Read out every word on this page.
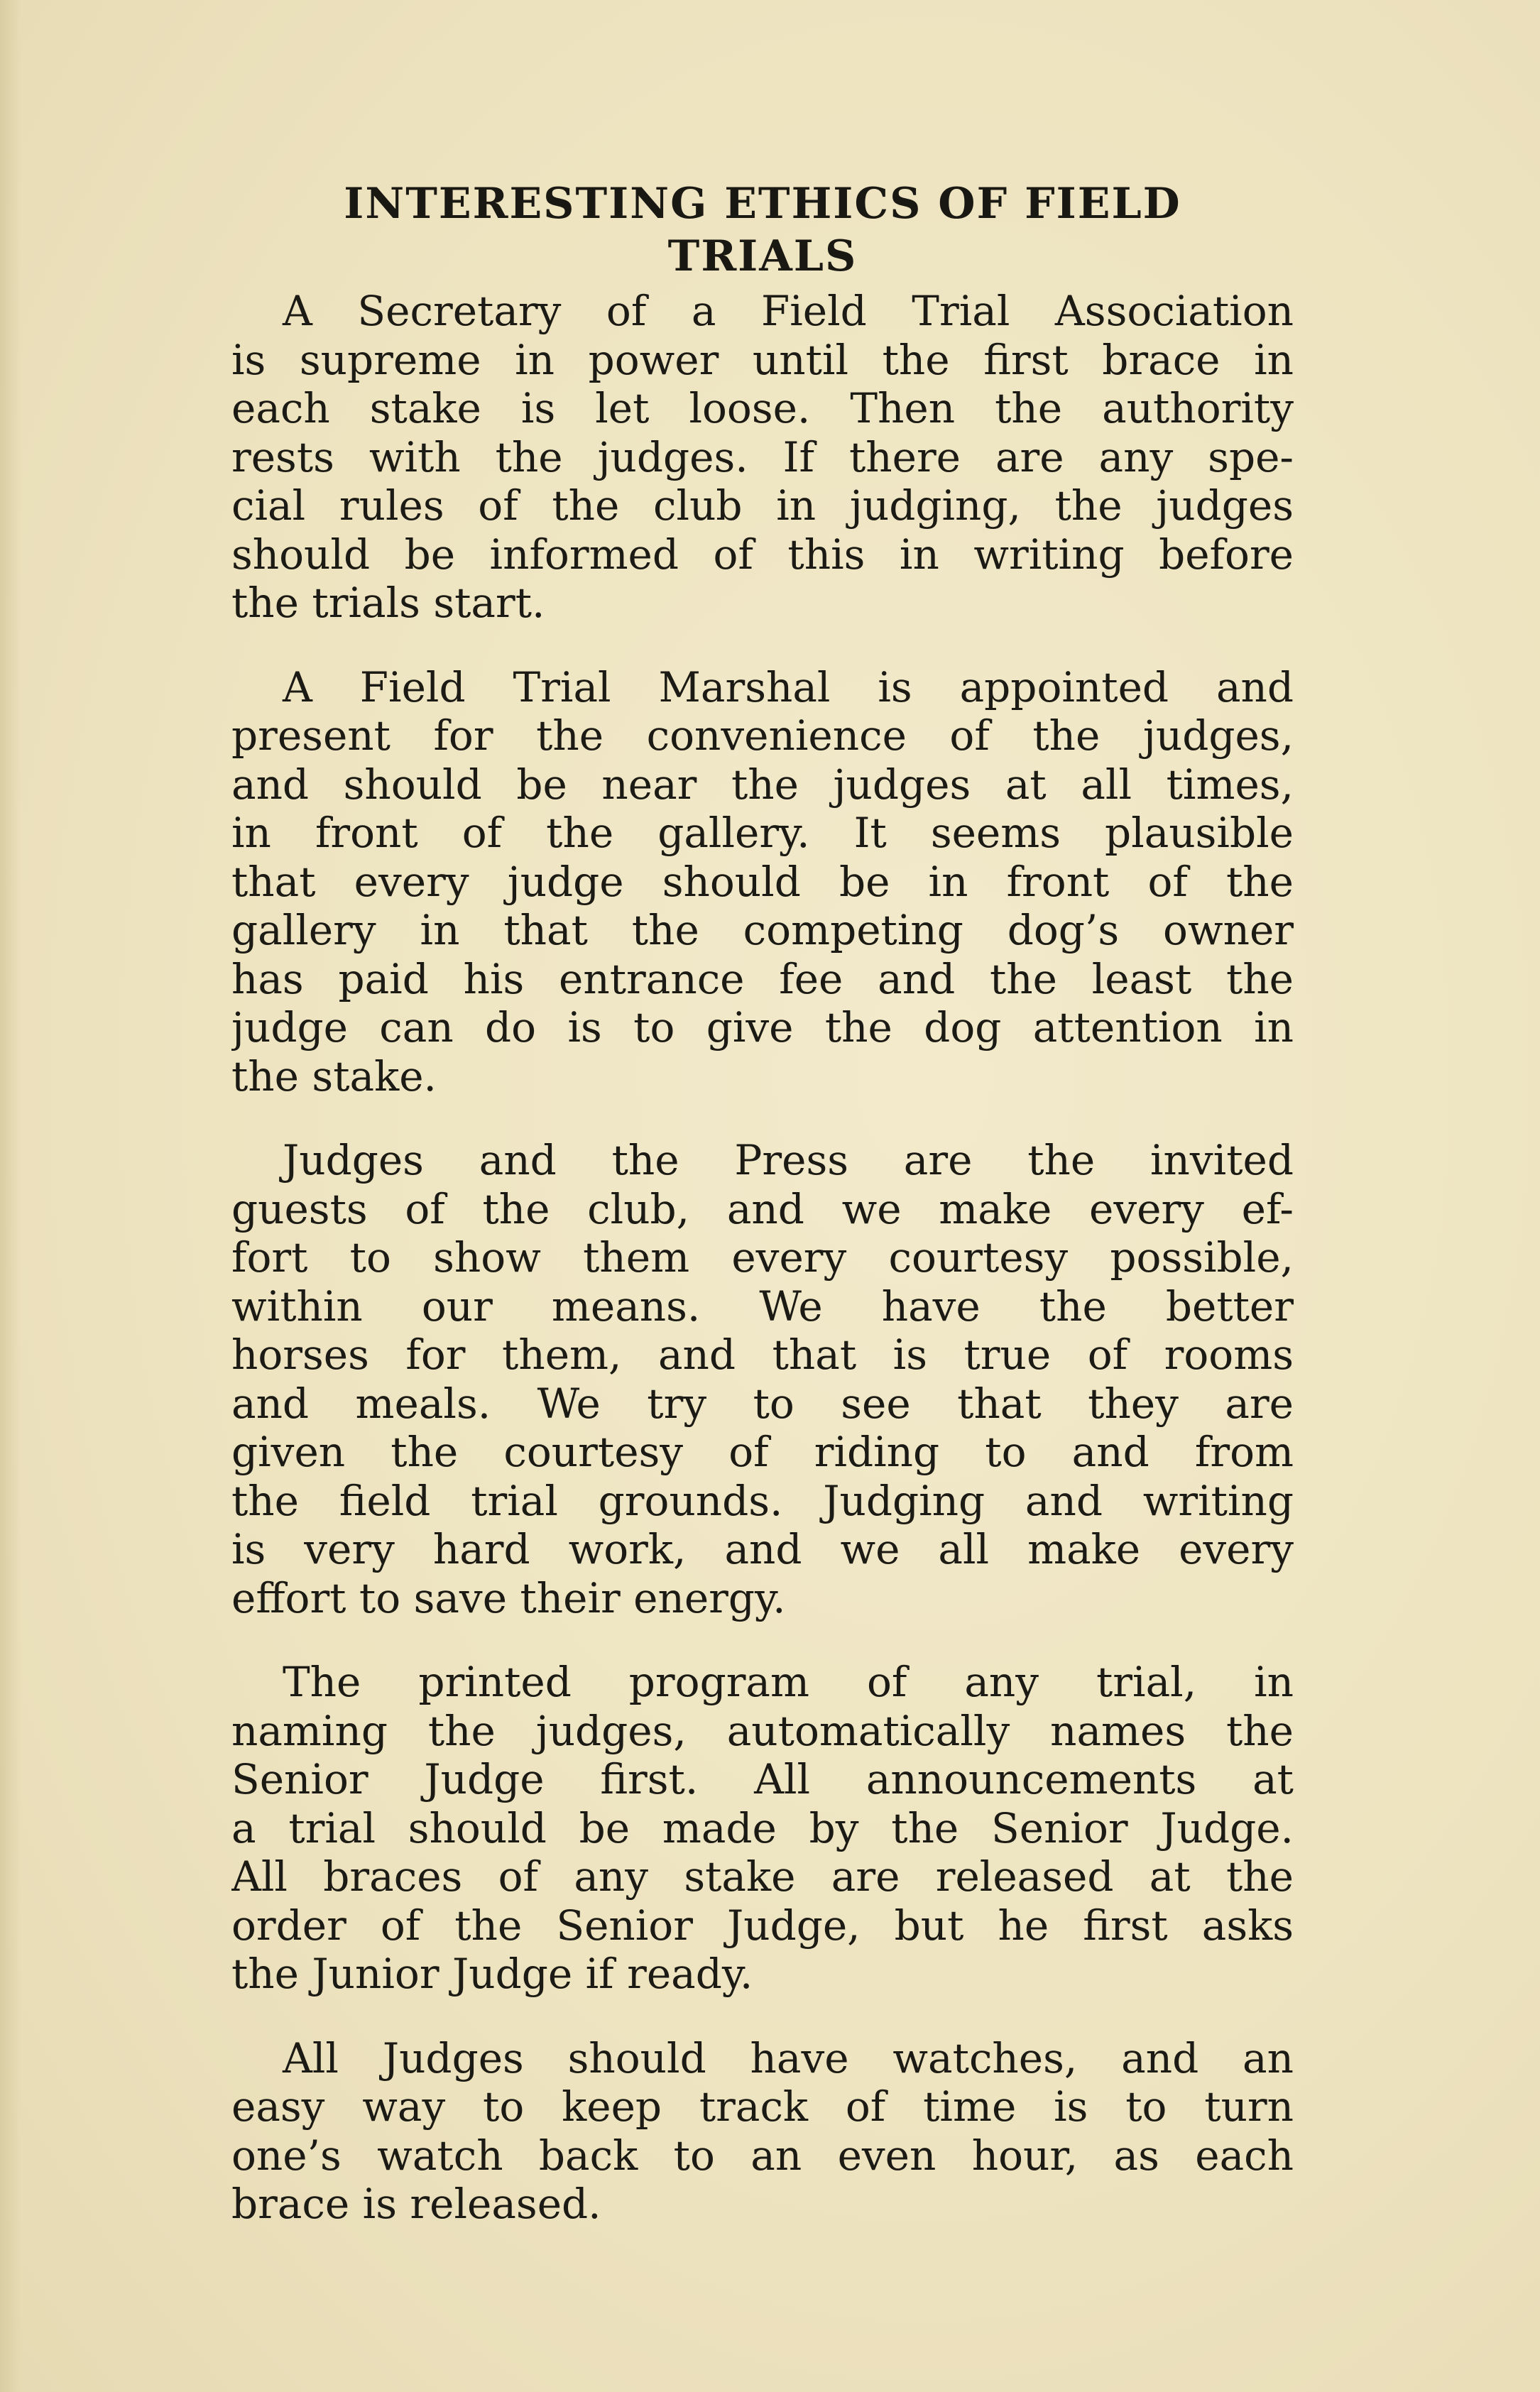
INTERESTING ETHICS OF FIELD
TRIALS

A Secretary of a Field Trial Association
is supreme in power until the first brace in
each stake is let loose. Then the authority
rests with the judges. If there are any spe-
cial rules of the club in judging, the judges
should be informed of this in writing before
the trials start.

A Field Trial Marshal is appointed and
present for the convenience of the judges,
and should be near the judges at all times,
in front of the gallery. It seems plausible
that every judge should be in front of the
gallery in that the competing dog’s owner
has paid his entrance fee and the least the
judge can do is to give the dog attention in
the stake.

Judges and the Press are the invited
guests of the club, and we make every ef-
fort to show them every courtesy possible,
within our means. We have the better
horses for them, and that is true of rooms
and meals. We try to see that they are
given the courtesy of riding to and from
the field trial grounds. Judging and writing
is very hard work, and we all make every
effort to save their energy.

The printed program of any trial, in
naming the judges, automatically names the
Senior Judge first. All announcements at
a trial should be made by the Senior Judge.
All braces of any stake are released at the
order of the Senior Judge, but he first asks
the Junior Judge if ready.

All Judges should have watches, and an
easy way to keep track of time is to turn
one’s watch back to an even hour, as each
brace is released.
